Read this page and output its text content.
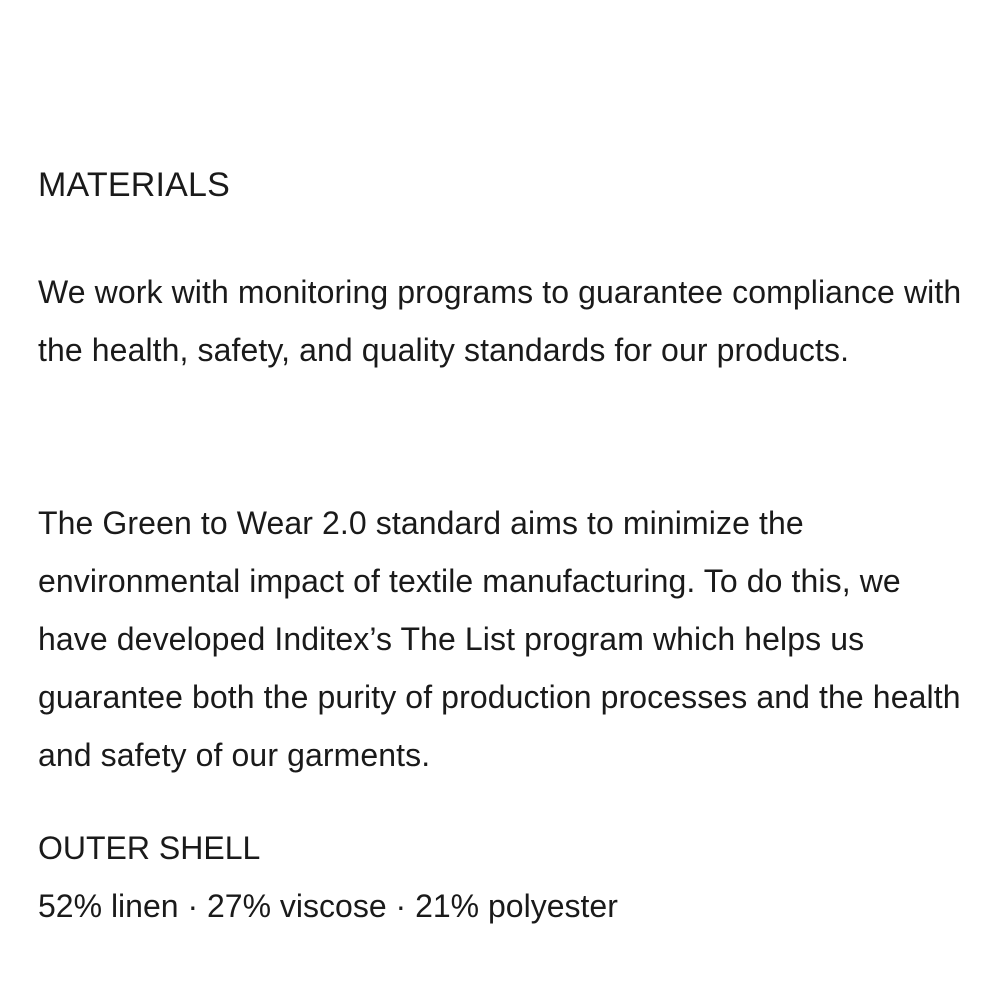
MATERIALS

We work with monitoring programs to guarantee compliance with the health, safety, and quality standards for our products.

The Green to Wear 2.0 standard aims to minimize the environmental impact of textile manufacturing. To do this, we have developed Inditex’s The List program which helps us guarantee both the purity of production processes and the health and safety of our garments.

OUTER SHELL
52% linen · 27% viscose · 21% polyester
